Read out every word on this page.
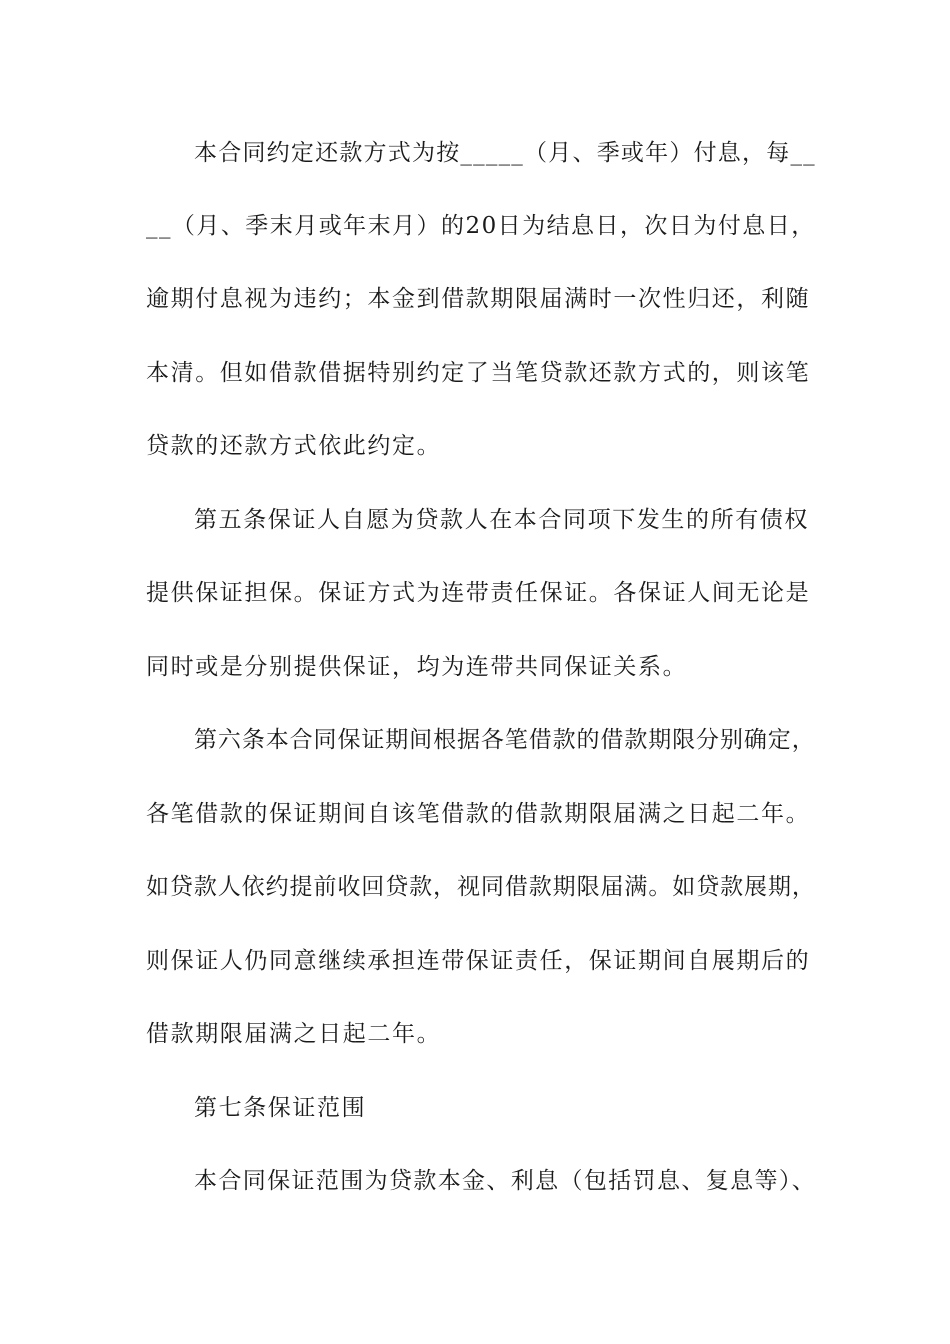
本合同约定还款方式为按_____（月、季或年）付息，每__
__（月、季末月或年末月）的20日为结息日，次日为付息日，
逾期付息视为违约；本金到借款期限届满时一次性归还，利随
本清。但如借款借据特别约定了当笔贷款还款方式的，则该笔
贷款的还款方式依此约定。
第五条保证人自愿为贷款人在本合同项下发生的所有债权
提供保证担保。保证方式为连带责任保证。各保证人间无论是
同时或是分别提供保证，均为连带共同保证关系。
第六条本合同保证期间根据各笔借款的借款期限分别确定，
各笔借款的保证期间自该笔借款的借款期限届满之日起二年。
如贷款人依约提前收回贷款，视同借款期限届满。如贷款展期，
则保证人仍同意继续承担连带保证责任，保证期间自展期后的
借款期限届满之日起二年。
第七条保证范围
本合同保证范围为贷款本金、利息（包括罚息、复息等）、
